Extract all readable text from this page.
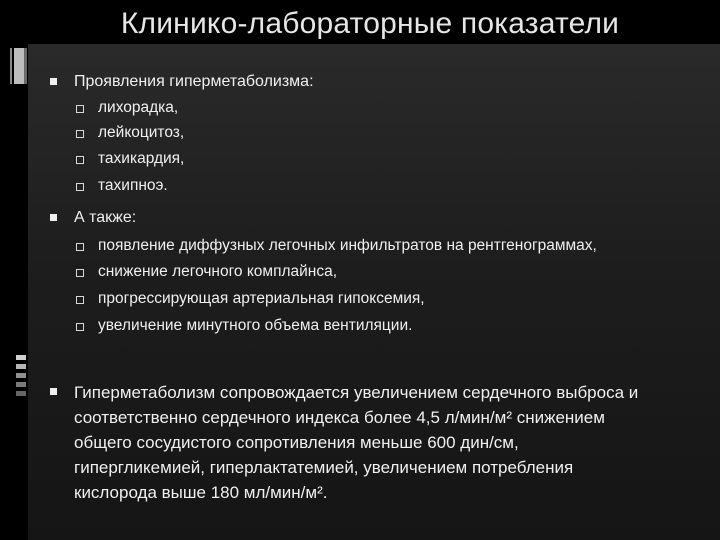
Клинико-лабораторные показатели
Проявления гиперметаболизма:
лихорадка,
лейкоцитоз,
тахикардия,
тахипноэ.
А также:
появление диффузных легочных инфильтратов на рентгенограммах,
снижение легочного комплайнса,
прогрессирующая артериальная гипоксемия,
увеличение минутного объема вентиляции.
Гиперметаболизм сопровождается увеличением сердечного выброса и
соответственно сердечного индекса более 4,5 л/мин/м² снижением
общего сосудистого сопротивления меньше 600 дин/см,
гипергликемией, гиперлактатемией, увеличением потребления
кислорода выше 180 мл/мин/м².
